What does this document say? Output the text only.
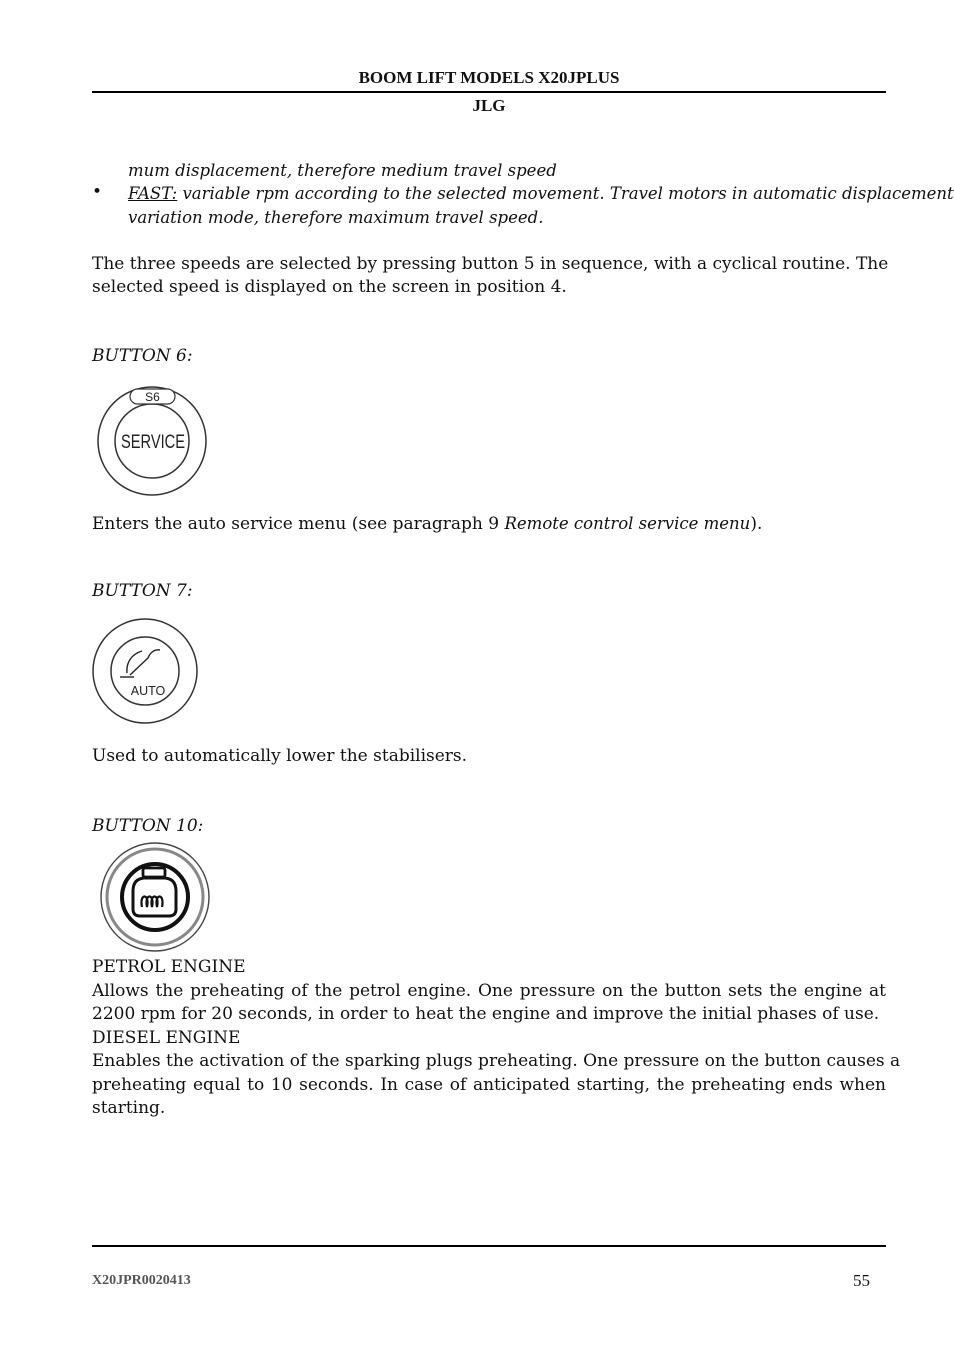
BOOM LIFT MODELS X20JPLUS
JLG
mum displacement, therefore medium travel speed
• FAST: variable rpm according to the selected movement. Travel motors in automatic displacement
variation mode, therefore maximum travel speed.
The three speeds are selected by pressing button 5 in sequence, with a cyclical routine. The
selected speed is displayed on the screen in position 4.
BUTTON 6:
S6
SERVICE
Enters the auto service menu (see paragraph 9 Remote control service menu).
BUTTON 7:
AUTO
Used to automatically lower the stabilisers.
BUTTON 10:
PETROL ENGINE
Allows the preheating of the petrol engine. One pressure on the button sets the engine at
2200 rpm for 20 seconds, in order to heat the engine and improve the initial phases of use.
DIESEL ENGINE
Enables the activation of the sparking plugs preheating. One pressure on the button causes a
preheating equal to 10 seconds. In case of anticipated starting, the preheating ends when
starting.
X20JPR0020413	55
